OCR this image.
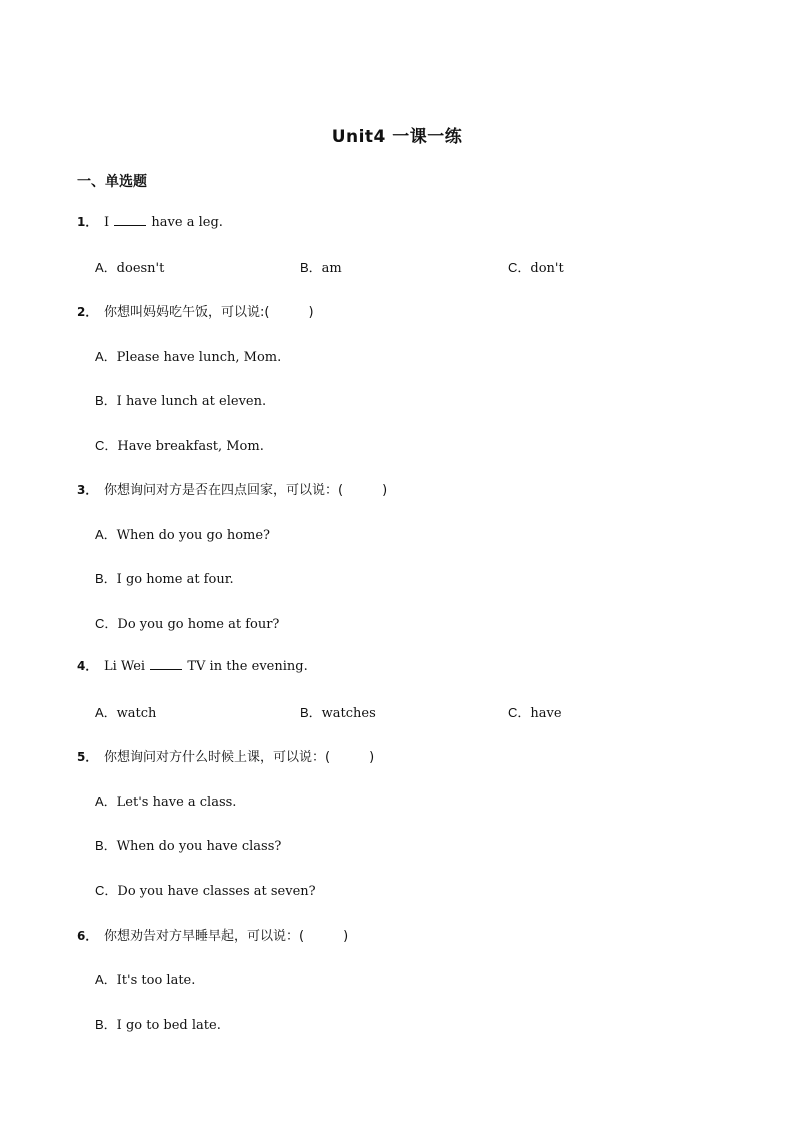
Unit4 一课一练
一、单选题
1． I	have a leg.
A．doesn't	B．am	C．don't
2． 你想叫妈妈吃午饭，可以说:(　　　)
A．Please have lunch, Mom.
B．I have lunch at eleven.
C．Have breakfast, Mom.
3． 你想询问对方是否在四点回家，可以说：(　　　)
A．When do you go home?
B．I go home at four.
C．Do you go home at four?
4． Li Wei	TV in the evening.
A．watch	B．watches	C．have
5． 你想询问对方什么时候上课，可以说：(　　　)
A．Let's have a class.
B．When do you have class?
C．Do you have classes at seven?
6． 你想劝告对方早睡早起，可以说：(　　　)
A．It's too late.
B．I go to bed late.
